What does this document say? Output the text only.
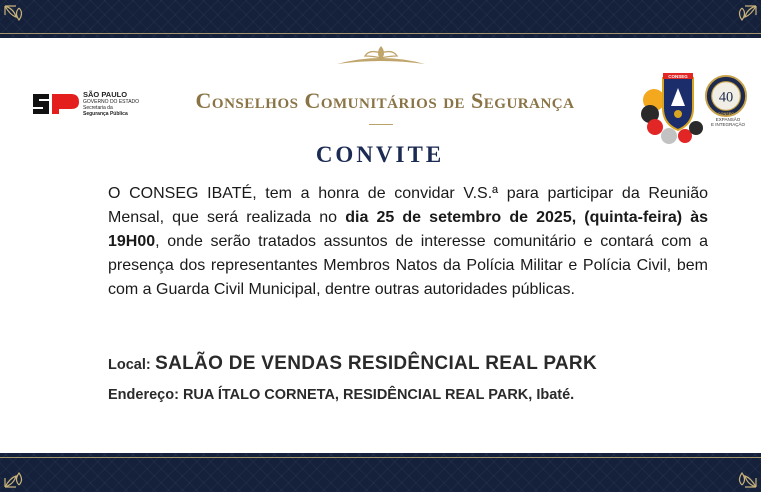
SÃO PAULO
GOVERNO DO ESTADO
Secretaria da
Segurança Pública
Conselhos Comunitários de Segurança
CONVITE
CONSEG
40
CONSEG
EXPANSÃO
E INTEGRAÇÃO
O CONSEG IBATÉ, tem a honra de convidar V.S.ª para participar da Reunião Mensal, que será realizada no dia 25 de setembro de 2025, (quinta-feira) às 19H00, onde serão tratados assuntos de interesse comunitário e contará com a presença dos representantes Membros Natos da Polícia Militar e Polícia Civil, bem com a Guarda Civil Municipal, dentre outras autoridades públicas.
Local: SALÃO DE VENDAS RESIDÊNCIAL REAL PARK
Endereço: RUA ÍTALO CORNETA, RESIDÊNCIAL REAL PARK, Ibaté.
